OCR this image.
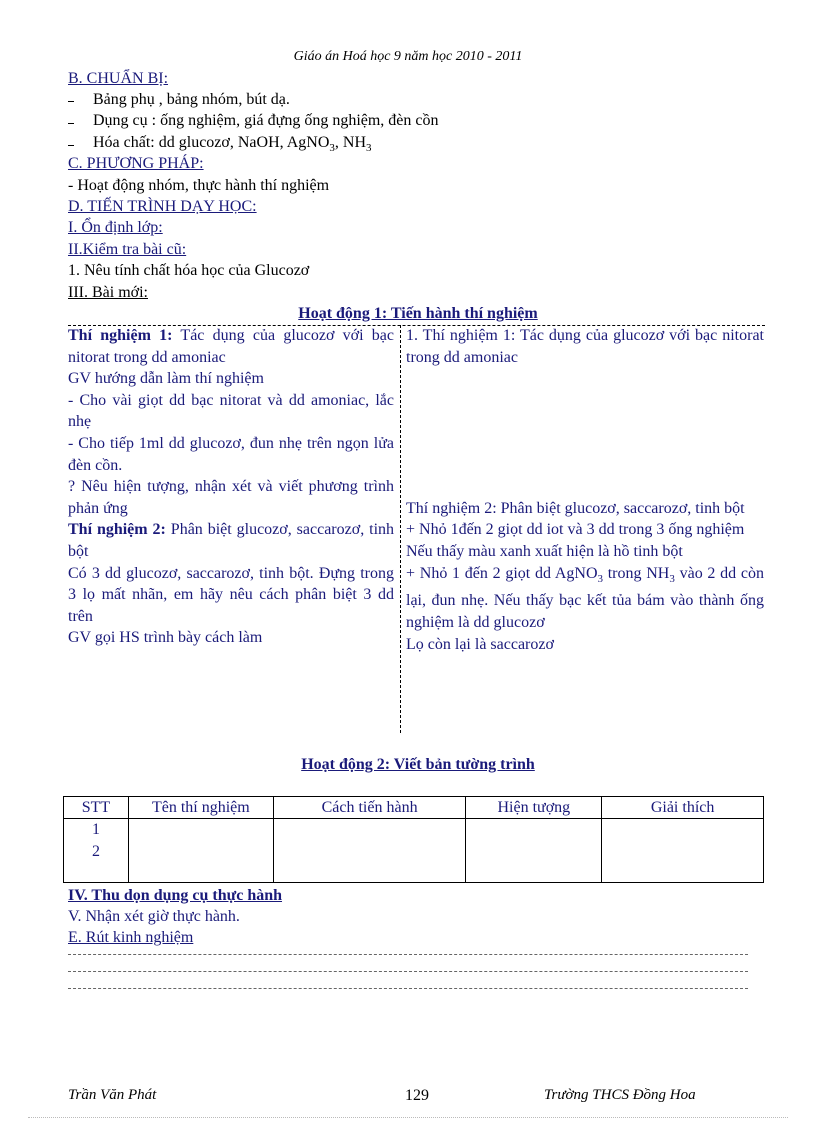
Giáo án Hoá học 9 năm học 2010 - 2011
B. CHUẨN BỊ:
Bảng phụ , bảng nhóm, bút dạ.
Dụng cụ : ống nghiệm, giá đựng ống nghiệm, đèn cồn
Hóa chất: dd glucozơ, NaOH, AgNO$_3$, $NH_3$
C. PHƯƠNG PHÁP:
- Hoạt động nhóm, thực hành thí nghiệm
D. TIẾN TRÌNH DẠY HỌC:
I. Ổn định lớp:
II.Kiểm tra bài cũ:
1. Nêu tính chất hóa học của Glucozơ
III. Bài mới:
Hoạt động 1: Tiến hành thí nghiệm
Thí nghiệm 1: Tác dụng của glucozơ với bạc nitorat trong dd amoniac
GV hướng dẫn làm thí nghiệm
- Cho vài giọt dd bạc nitorat và dd amoniac, lắc nhẹ
- Cho tiếp 1ml dd glucozơ, đun nhẹ trên ngọn lửa đèn cồn.
? Nêu hiện tượng, nhận xét và viết phương trình phản ứng
Thí nghiệm 2: Phân biệt glucozơ, saccarozơ, tinh bột
Có 3 dd glucozơ, saccarozơ, tinh bột. Đựng trong 3 lọ mất nhãn, em hãy nêu cách phân biệt 3 dd trên
GV gọi HS trình bày cách làm
1. Thí nghiệm 1: Tác dụng của glucozơ với bạc nitorat trong dd amoniac
Thí nghiệm 2: Phân biệt glucozơ, saccarozơ, tinh bột
+ Nhỏ 1đến 2 giọt dd iot và 3 dd trong 3 ống nghiệm
Nếu thấy màu xanh xuất hiện là hồ tinh bột
+ Nhỏ 1 đến 2 giọt dd AgNO$_3$ trong $NH_3$ vào 2 dd còn lại, đun nhẹ. Nếu thấy bạc kết tủa bám vào thành ống nghiệm là dd glucozơ
Lọ còn lại là saccarozơ
Hoạt động 2: Viết bản tường trình
STT	Tên thí nghiệm	Cách tiến hành	Hiện tượng	Giải thích

1
2				

IV. Thu dọn dụng cụ thực hành
V. Nhận xét giờ thực hành.
E. Rút kinh nghiệm
Trần Văn Phát	129	Trường THCS Đồng Hoa
